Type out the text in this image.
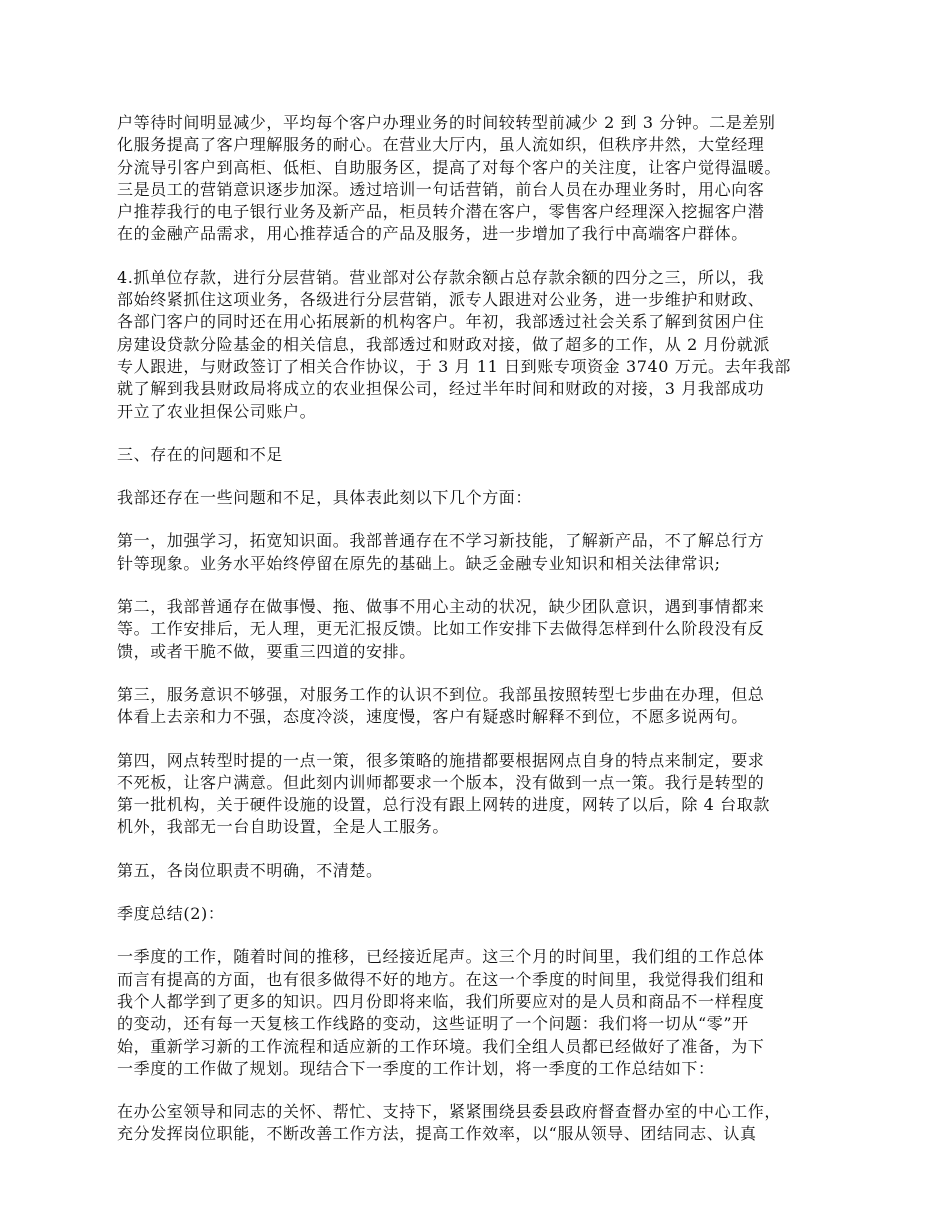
户等待时间明显减少，平均每个客户办理业务的时间较转型前减少 2 到 3 分钟。二是差别
化服务提高了客户理解服务的耐心。在营业大厅内，虽人流如织，但秩序井然，大堂经理
分流导引客户到高柜、低柜、自助服务区，提高了对每个客户的关注度，让客户觉得温暖。
三是员工的营销意识逐步加深。透过培训一句话营销，前台人员在办理业务时，用心向客
户推荐我行的电子银行业务及新产品，柜员转介潜在客户，零售客户经理深入挖掘客户潜
在的金融产品需求，用心推荐适合的产品及服务，进一步增加了我行中高端客户群体。

4.抓单位存款，进行分层营销。营业部对公存款余额占总存款余额的四分之三，所以，我
部始终紧抓住这项业务，各级进行分层营销，派专人跟进对公业务，进一步维护和财政、
各部门客户的同时还在用心拓展新的机构客户。年初，我部透过社会关系了解到贫困户住
房建设贷款分险基金的相关信息，我部透过和财政对接，做了超多的工作，从 2 月份就派
专人跟进，与财政签订了相关合作协议，于 3 月 11 日到账专项资金 3740 万元。去年我部
就了解到我县财政局将成立的农业担保公司，经过半年时间和财政的对接，3 月我部成功
开立了农业担保公司账户。

三、存在的问题和不足

我部还存在一些问题和不足，具体表此刻以下几个方面：

第一，加强学习，拓宽知识面。我部普通存在不学习新技能，了解新产品，不了解总行方
针等现象。业务水平始终停留在原先的基础上。缺乏金融专业知识和相关法律常识;

第二，我部普通存在做事慢、拖、做事不用心主动的状况，缺少团队意识，遇到事情都来
等。工作安排后，无人理，更无汇报反馈。比如工作安排下去做得怎样到什么阶段没有反
馈，或者干脆不做，要重三四道的安排。

第三，服务意识不够强，对服务工作的认识不到位。我部虽按照转型七步曲在办理，但总
体看上去亲和力不强，态度冷淡，速度慢，客户有疑惑时解释不到位，不愿多说两句。

第四，网点转型时提的一点一策，很多策略的施措都要根据网点自身的特点来制定，要求
不死板，让客户满意。但此刻内训师都要求一个版本，没有做到一点一策。我行是转型的
第一批机构，关于硬件设施的设置，总行没有跟上网转的进度，网转了以后，除 4 台取款
机外，我部无一台自助设置，全是人工服务。

第五，各岗位职责不明确，不清楚。

季度总结(2)：

一季度的工作，随着时间的推移，已经接近尾声。这三个月的时间里，我们组的工作总体
而言有提高的方面，也有很多做得不好的地方。在这一个季度的时间里，我觉得我们组和
我个人都学到了更多的知识。四月份即将来临，我们所要应对的是人员和商品不一样程度
的变动，还有每一天复核工作线路的变动，这些证明了一个问题：我们将一切从“零”开
始，重新学习新的工作流程和适应新的工作环境。我们全组人员都已经做好了准备，为下
一季度的工作做了规划。现结合下一季度的工作计划，将一季度的工作总结如下：

在办公室领导和同志的关怀、帮忙、支持下，紧紧围绕县委县政府督查督办室的中心工作，
充分发挥岗位职能，不断改善工作方法，提高工作效率，以“服从领导、团结同志、认真
